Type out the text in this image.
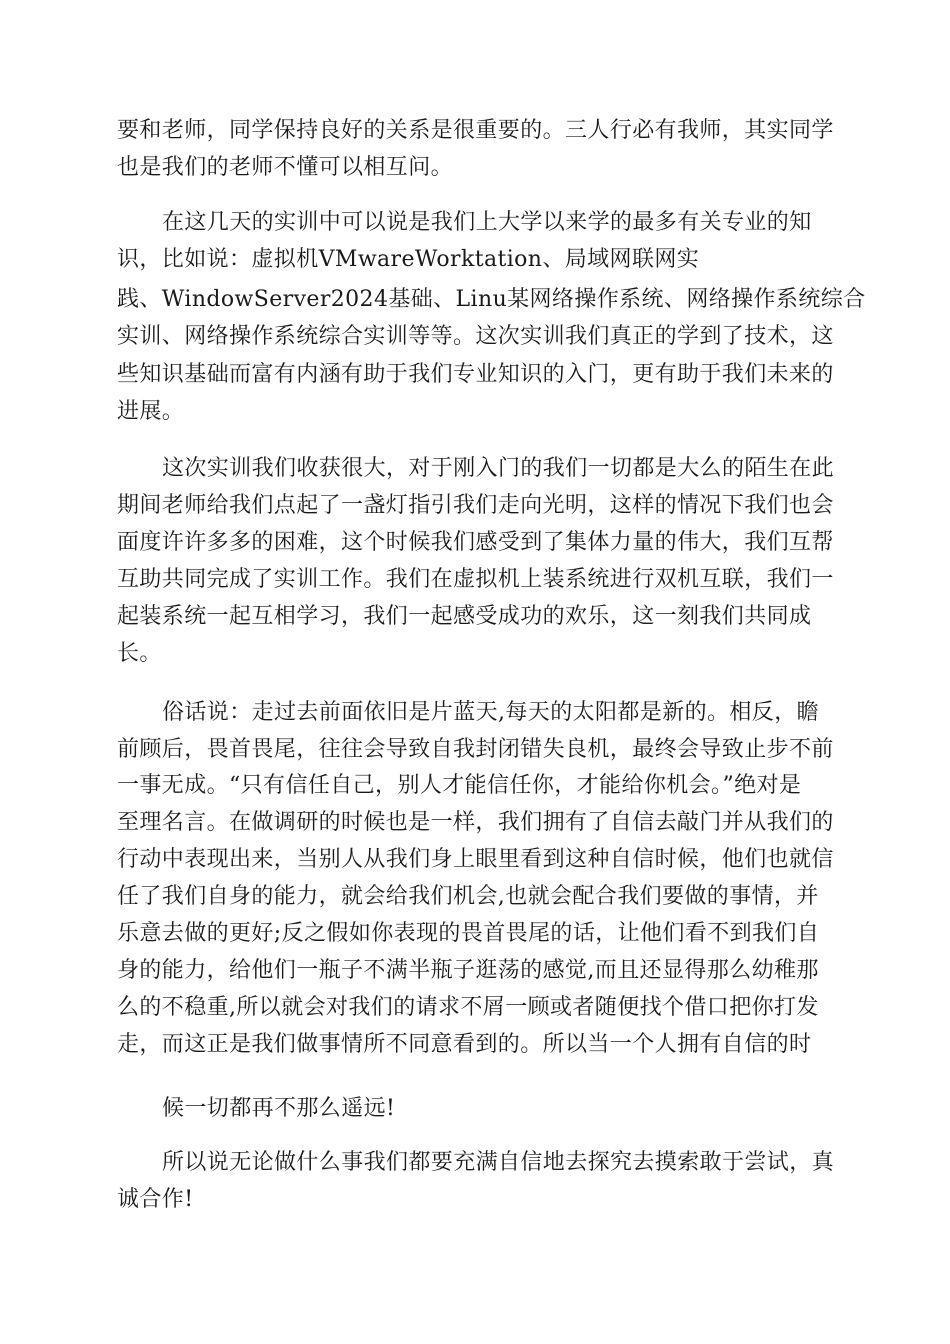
要和老师，同学保持良好的关系是很重要的。三人行必有我师，其实同学
也是我们的老师不懂可以相互问。
在这几天的实训中可以说是我们上大学以来学的最多有关专业的知
识，比如说：虚拟机VMwareWorktation、局域网联网实
践、WindowServer2024基础、Linu某网络操作系统、网络操作系统综合
实训、网络操作系统综合实训等等。这次实训我们真正的学到了技术，这
些知识基础而富有内涵有助于我们专业知识的入门，更有助于我们未来的
进展。
这次实训我们收获很大，对于刚入门的我们一切都是大么的陌生在此
期间老师给我们点起了一盏灯指引我们走向光明，这样的情况下我们也会
面度许许多多的困难，这个时候我们感受到了集体力量的伟大，我们互帮
互助共同完成了实训工作。我们在虚拟机上装系统进行双机互联，我们一
起装系统一起互相学习，我们一起感受成功的欢乐，这一刻我们共同成
长。
俗话说：走过去前面依旧是片蓝天,每天的太阳都是新的。相反，瞻
前顾后，畏首畏尾，往往会导致自我封闭错失良机，最终会导致止步不前
一事无成。“只有信任自己，别人才能信任你，才能给你机会。”绝对是
至理名言。在做调研的时候也是一样，我们拥有了自信去敲门并从我们的
行动中表现出来，当别人从我们身上眼里看到这种自信时候，他们也就信
任了我们自身的能力，就会给我们机会,也就会配合我们要做的事情，并
乐意去做的更好;反之假如你表现的畏首畏尾的话，让他们看不到我们自
身的能力，给他们一瓶子不满半瓶子逛荡的感觉,而且还显得那么幼稚那
么的不稳重,所以就会对我们的请求不屑一顾或者随便找个借口把你打发
走，而这正是我们做事情所不同意看到的。所以当一个人拥有自信的时
候一切都再不那么遥远!
所以说无论做什么事我们都要充满自信地去探究去摸索敢于尝试，真
诚合作!
